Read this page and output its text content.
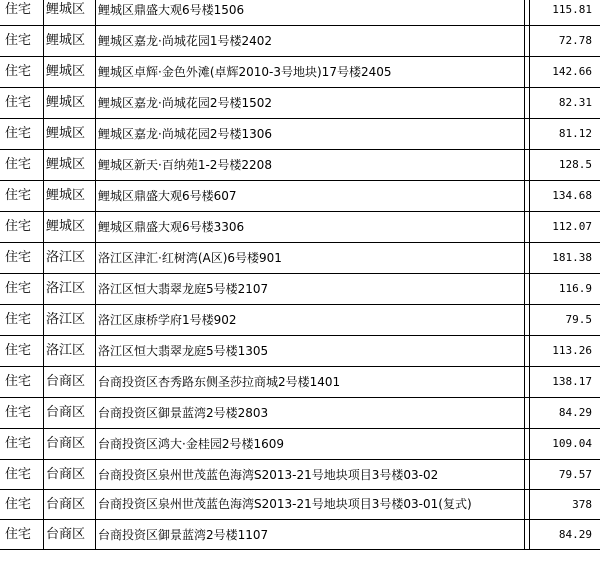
住宅	鲤城区	鲤城区鼎盛大观6号楼1506		115.81
住宅	鲤城区	鲤城区嘉龙·尚城花园1号楼2402		72.78
住宅	鲤城区	鲤城区卓辉·金色外滩(卓辉2010-3号地块)17号楼2405		142.66
住宅	鲤城区	鲤城区嘉龙·尚城花园2号楼1502		82.31
住宅	鲤城区	鲤城区嘉龙·尚城花园2号楼1306		81.12
住宅	鲤城区	鲤城区新天·百纳苑1-2号楼2208		128.5
住宅	鲤城区	鲤城区鼎盛大观6号楼607		134.68
住宅	鲤城区	鲤城区鼎盛大观6号楼3306		112.07
住宅	洛江区	洛江区津汇·红树湾(A区)6号楼901		181.38
住宅	洛江区	洛江区恒大翡翠龙庭5号楼2107		116.9
住宅	洛江区	洛江区康桥学府1号楼902		79.5
住宅	洛江区	洛江区恒大翡翠龙庭5号楼1305		113.26
住宅	台商区	台商投资区杏秀路东侧圣莎拉商城2号楼1401		138.17
住宅	台商区	台商投资区御景蓝湾2号楼2803		84.29
住宅	台商区	台商投资区鸿大·金桂园2号楼1609		109.04
住宅	台商区	台商投资区泉州世茂蓝色海湾S2013-21号地块项目3号楼03-02		79.57
住宅	台商区	台商投资区泉州世茂蓝色海湾S2013-21号地块项目3号楼03-01(复式)		378
住宅	台商区	台商投资区御景蓝湾2号楼1107		84.29
